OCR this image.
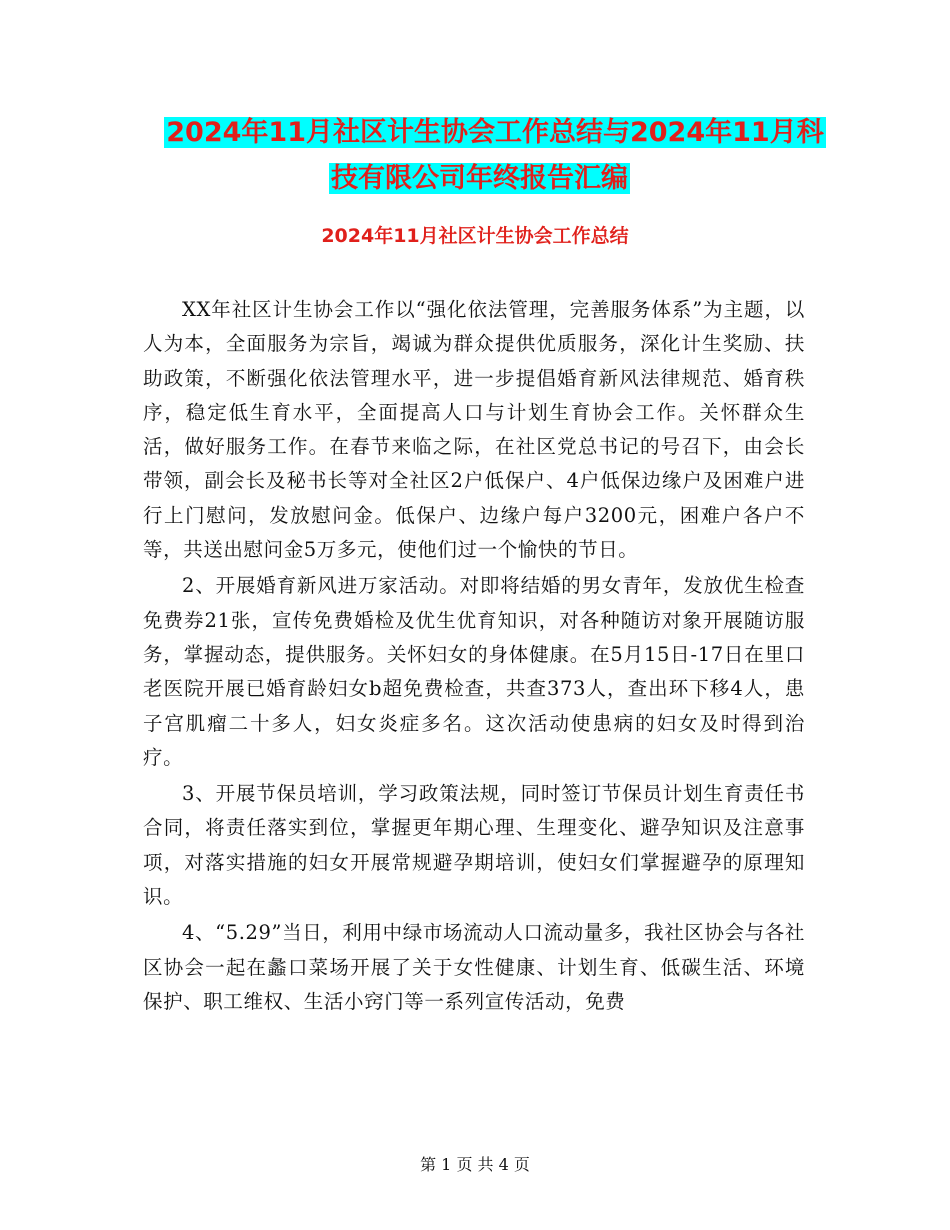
2024年11月社区计生协会工作总结与2024年11月科
技有限公司年终报告汇编
2024年11月社区计生协会工作总结

XX年社区计生协会工作以“强化依法管理，完善服务体系”为主题，以人为本，全面服务为宗旨，竭诚为群众提供优质服务，深化计生奖励、扶助政策，不断强化依法管理水平，进一步提倡婚育新风法律规范、婚育秩序，稳定低生育水平，全面提高人口与计划生育协会工作。关怀群众生活，做好服务工作。在春节来临之际，在社区党总书记的号召下，由会长带领，副会长及秘书长等对全社区2户低保户、4户低保边缘户及困难户进行上门慰问，发放慰问金。低保户、边缘户每户3200元，困难户各户不等，共送出慰问金5万多元，使他们过一个愉快的节日。

2、开展婚育新风进万家活动。对即将结婚的男女青年，发放优生检查免费券21张，宣传免费婚检及优生优育知识，对各种随访对象开展随访服务，掌握动态，提供服务。关怀妇女的身体健康。在5月15日-17日在里口老医院开展已婚育龄妇女b超免费检查，共查373人，查出环下移4人，患子宫肌瘤二十多人，妇女炎症多名。这次活动使患病的妇女及时得到治疗。

3、开展节保员培训，学习政策法规，同时签订节保员计划生育责任书合同，将责任落实到位，掌握更年期心理、生理变化、避孕知识及注意事项，对落实措施的妇女开展常规避孕期培训，使妇女们掌握避孕的原理知识。

4、“5.29”当日，利用中绿市场流动人口流动量多，我社区协会与各社区协会一起在蠡口菜场开展了关于女性健康、计划生育、低碳生活、环境保护、职工维权、生活小窍门等一系列宣传活动，免费

第 1 页 共 4 页
